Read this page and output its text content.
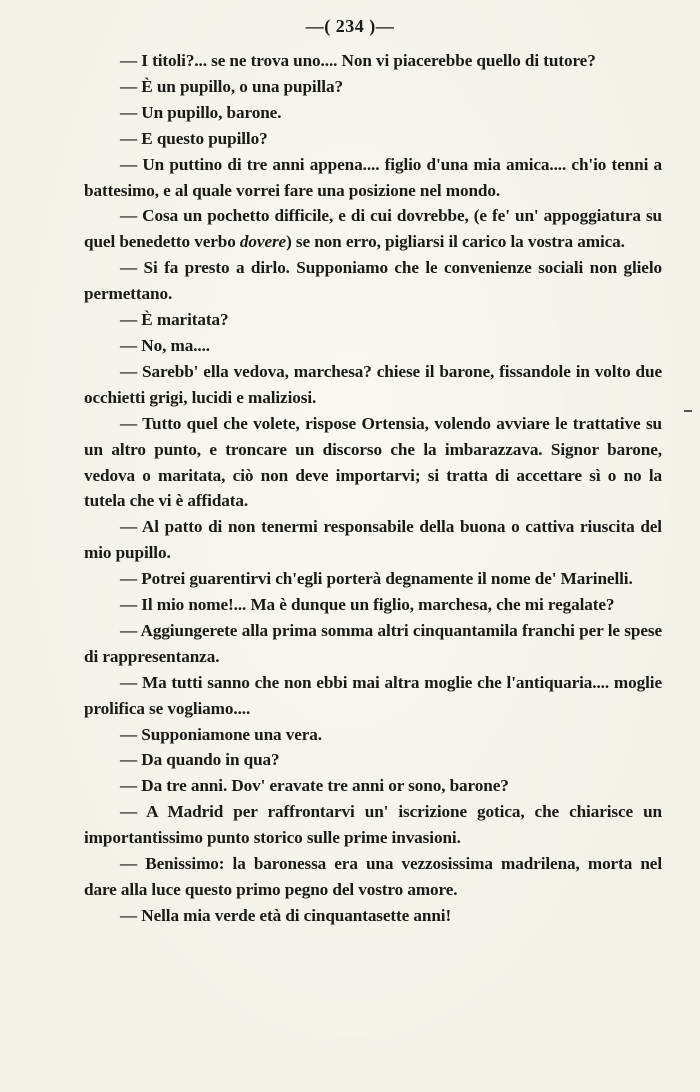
—( 234 )—

— I titoli?... se ne trova uno.... Non vi piacerebbe quello di tutore?

— È un pupillo, o una pupilla?

— Un pupillo, barone.

— E questo pupillo?

— Un puttino di tre anni appena.... figlio d'una mia amica.... ch'io tenni a battesimo, e al quale vorrei fare una posizione nel mondo.

— Cosa un pochetto difficile, e di cui dovrebbe, (e fe' un' appoggiatura su quel benedetto verbo dovere) se non erro, pigliarsi il carico la vostra amica.

— Si fa presto a dirlo. Supponiamo che le convenienze sociali non glielo permettano.

— È maritata?

— No, ma....

— Sarebb' ella vedova, marchesa? chiese il barone, fissandole in volto due occhietti grigi, lucidi e maliziosi.

— Tutto quel che volete, rispose Ortensia, volendo avviare le trattative su un altro punto, e troncare un discorso che la imbarazzava. Signor barone, vedova o maritata, ciò non deve importarvi; si tratta di accettare sì o no la tutela che vi è affidata.

— Al patto di non tenermi responsabile della buona o cattiva riuscita del mio pupillo.

— Potrei guarentirvi ch'egli porterà degnamente il nome de' Marinelli.

— Il mio nome!... Ma è dunque un figlio, marchesa, che mi regalate?

— Aggiungerete alla prima somma altri cinquantamila franchi per le spese di rappresentanza.

— Ma tutti sanno che non ebbi mai altra moglie che l'antiquaria.... moglie prolifica se vogliamo....

— Supponiamone una vera.

— Da quando in qua?

— Da tre anni. Dov' eravate tre anni or sono, barone?

— A Madrid per raffrontarvi un' iscrizione gotica, che chiarisce un importantissimo punto storico sulle prime invasioni.

— Benissimo: la baronessa era una vezzosissima madrilena, morta nel dare alla luce questo primo pegno del vostro amore.

— Nella mia verde età di cinquantasette anni!
